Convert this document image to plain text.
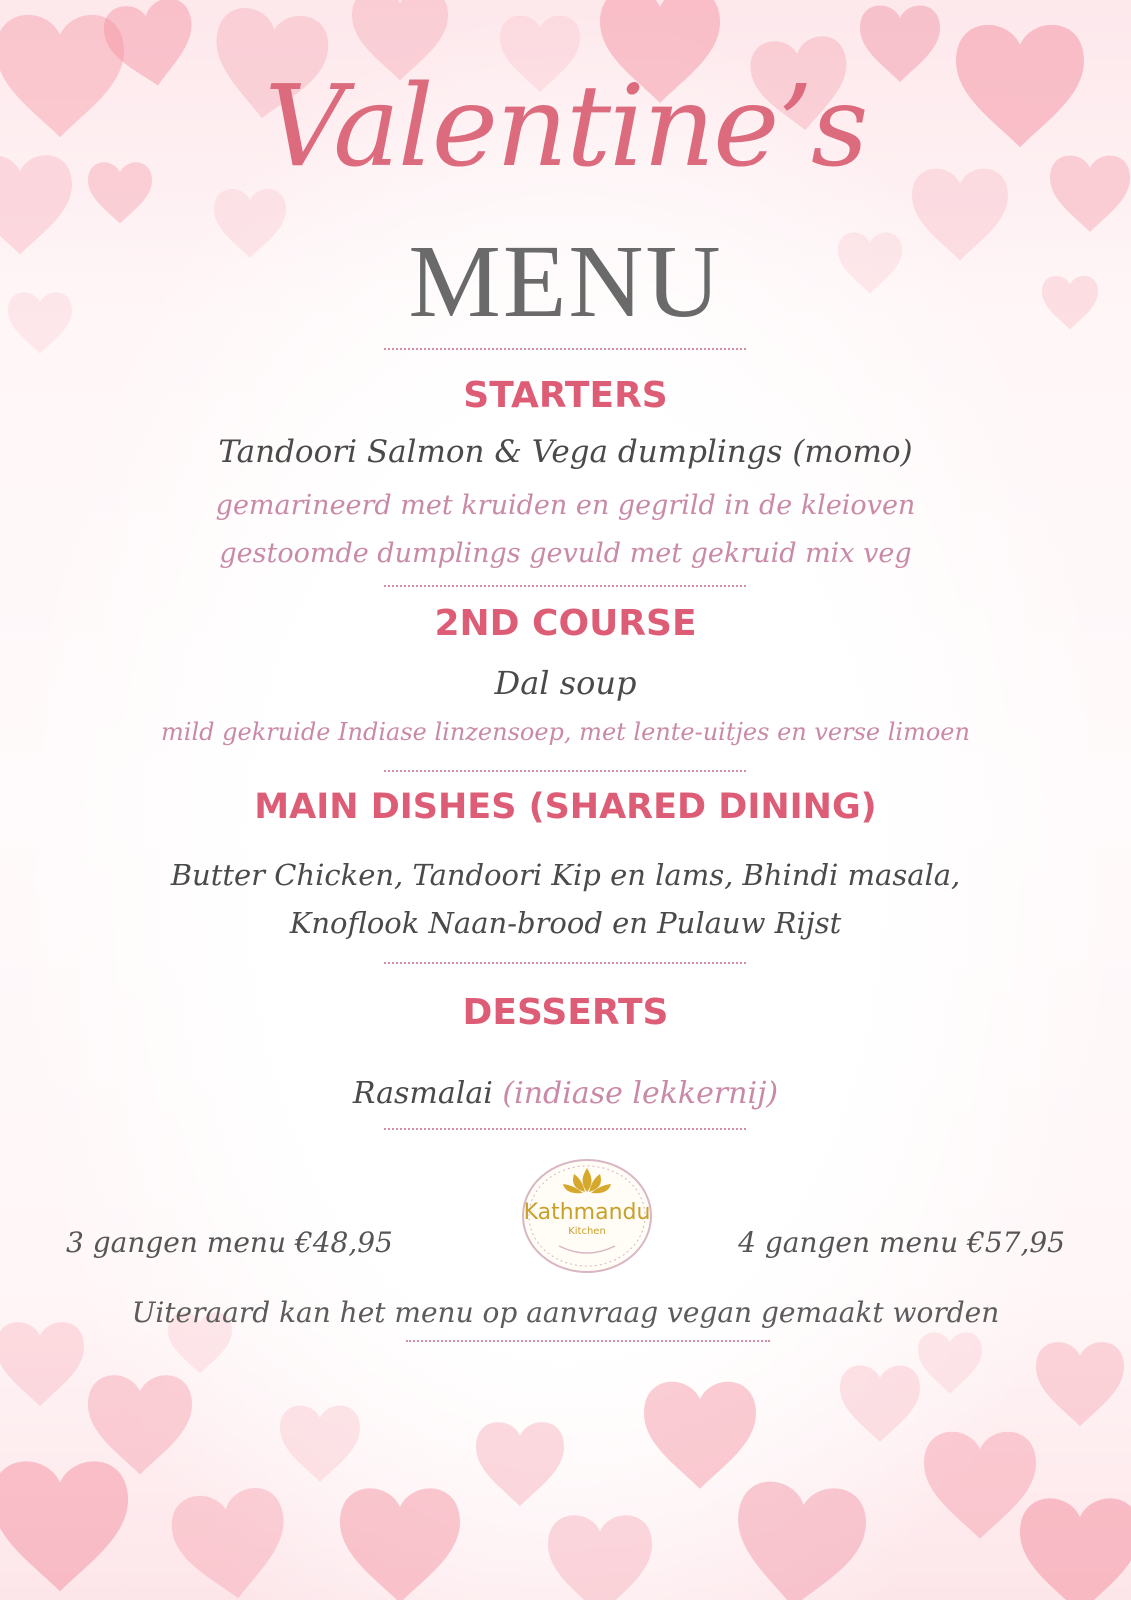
Valentine’s
MENU
STARTERS
Tandoori Salmon & Vega dumplings (momo)
gemarineerd met kruiden en gegrild in de kleioven
gestoomde dumplings gevuld met gekruid mix veg
2ND COURSE
Dal soup
mild gekruide Indiase linzensoep, met lente-uitjes en verse limoen
MAIN DISHES (SHARED DINING)
Butter Chicken, Tandoori Kip en lams, Bhindi masala,
Knoflook Naan-brood en Pulauw Rijst
DESSERTS
Rasmalai (indiase lekkernij)
3 gangen menu €48,95	4 gangen menu €57,95
Kathmandu
Kitchen
Uiteraard kan het menu op aanvraag vegan gemaakt worden
